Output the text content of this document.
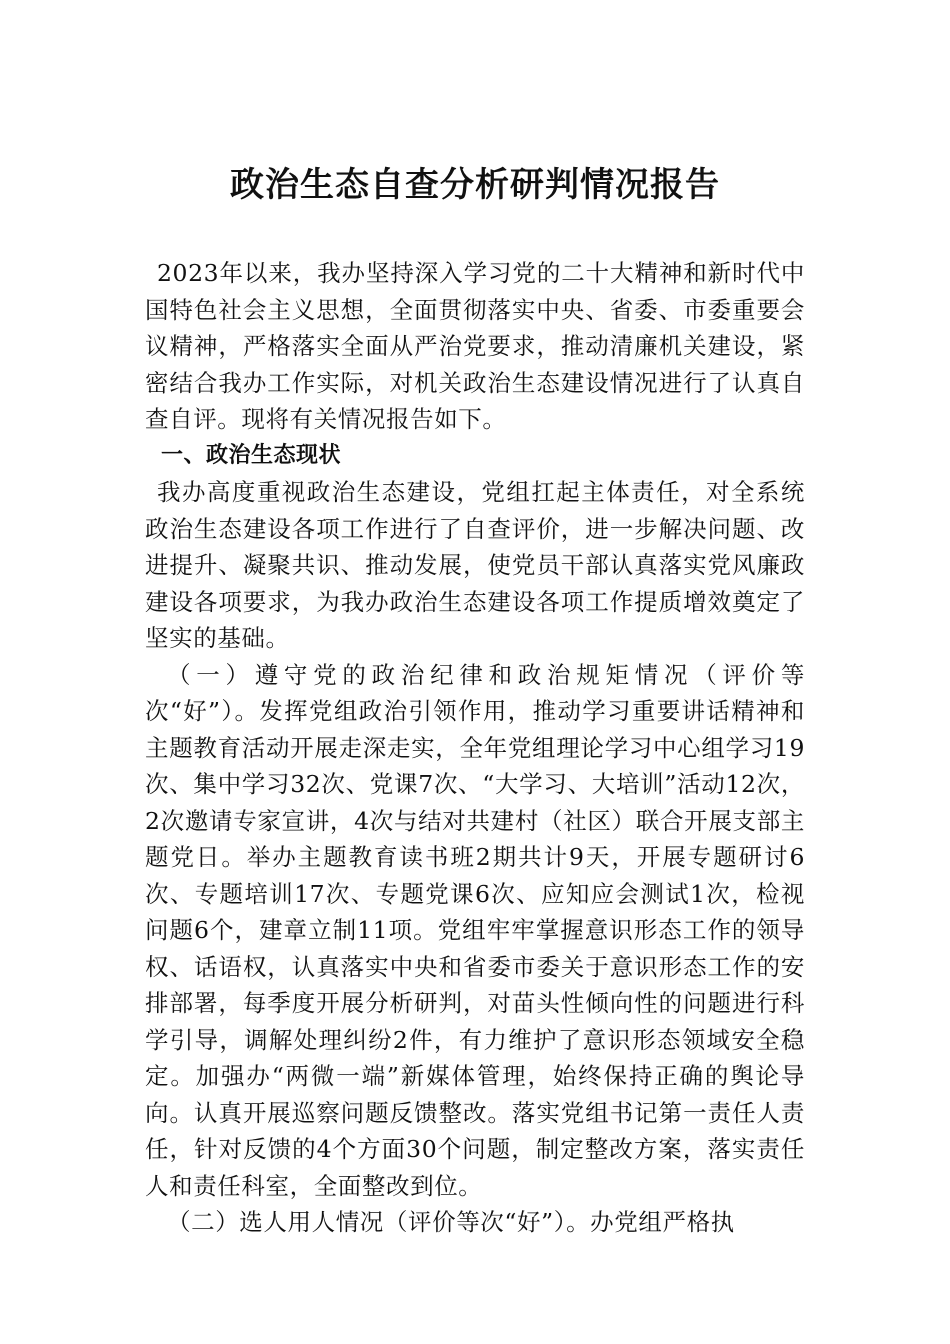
政治生态自查分析研判情况报告

2023年以来，我办坚持深入学习党的二十大精神和新时代中国特色社会主义思想，全面贯彻落实中央、省委、市委重要会议精神，严格落实全面从严治党要求，推动清廉机关建设，紧密结合我办工作实际，对机关政治生态建设情况进行了认真自查自评。现将有关情况报告如下。

一、政治生态现状

我办高度重视政治生态建设，党组扛起主体责任，对全系统政治生态建设各项工作进行了自查评价，进一步解决问题、改进提升、凝聚共识、推动发展，使党员干部认真落实党风廉政建设各项要求，为我办政治生态建设各项工作提质增效奠定了坚实的基础。

（一）遵守党的政治纪律和政治规矩情况（评价等次“好”）。发挥党组政治引领作用，推动学习重要讲话精神和主题教育活动开展走深走实，全年党组理论学习中心组学习19次、集中学习32次、党课7次、“大学习、大培训”活动12次，2次邀请专家宣讲，4次与结对共建村（社区）联合开展支部主题党日。举办主题教育读书班2期共计9天，开展专题研讨6次、专题培训17次、专题党课6次、应知应会测试1次，检视问题6个，建章立制11项。党组牢牢掌握意识形态工作的领导权、话语权，认真落实中央和省委市委关于意识形态工作的安排部署，每季度开展分析研判，对苗头性倾向性的问题进行科学引导，调解处理纠纷2件，有力维护了意识形态领域安全稳定。加强办“两微一端”新媒体管理，始终保持正确的舆论导向。认真开展巡察问题反馈整改。落实党组书记第一责任人责任，针对反馈的4个方面30个问题，制定整改方案，落实责任人和责任科室，全面整改到位。

（二）选人用人情况（评价等次“好”）。办党组严格执
